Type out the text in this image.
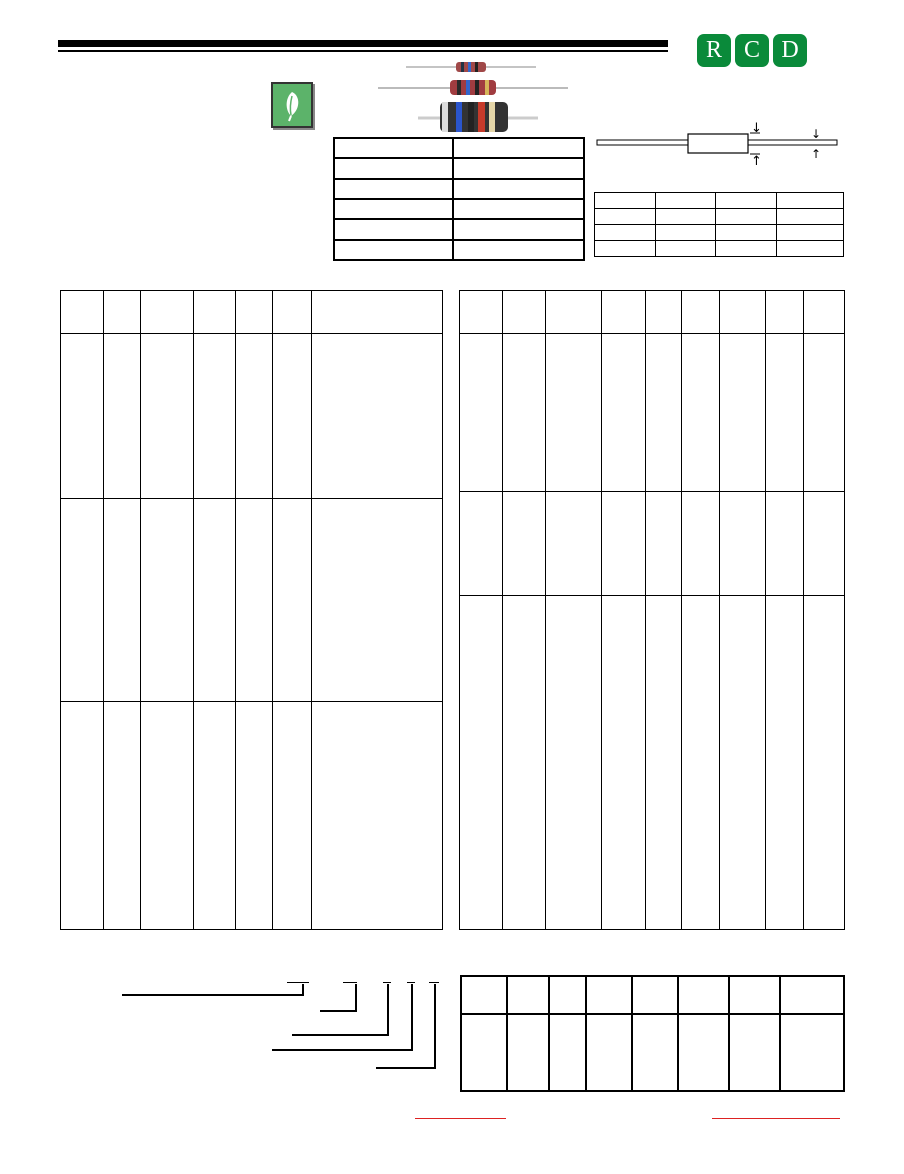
R C D

↓
↑
↓
↑
